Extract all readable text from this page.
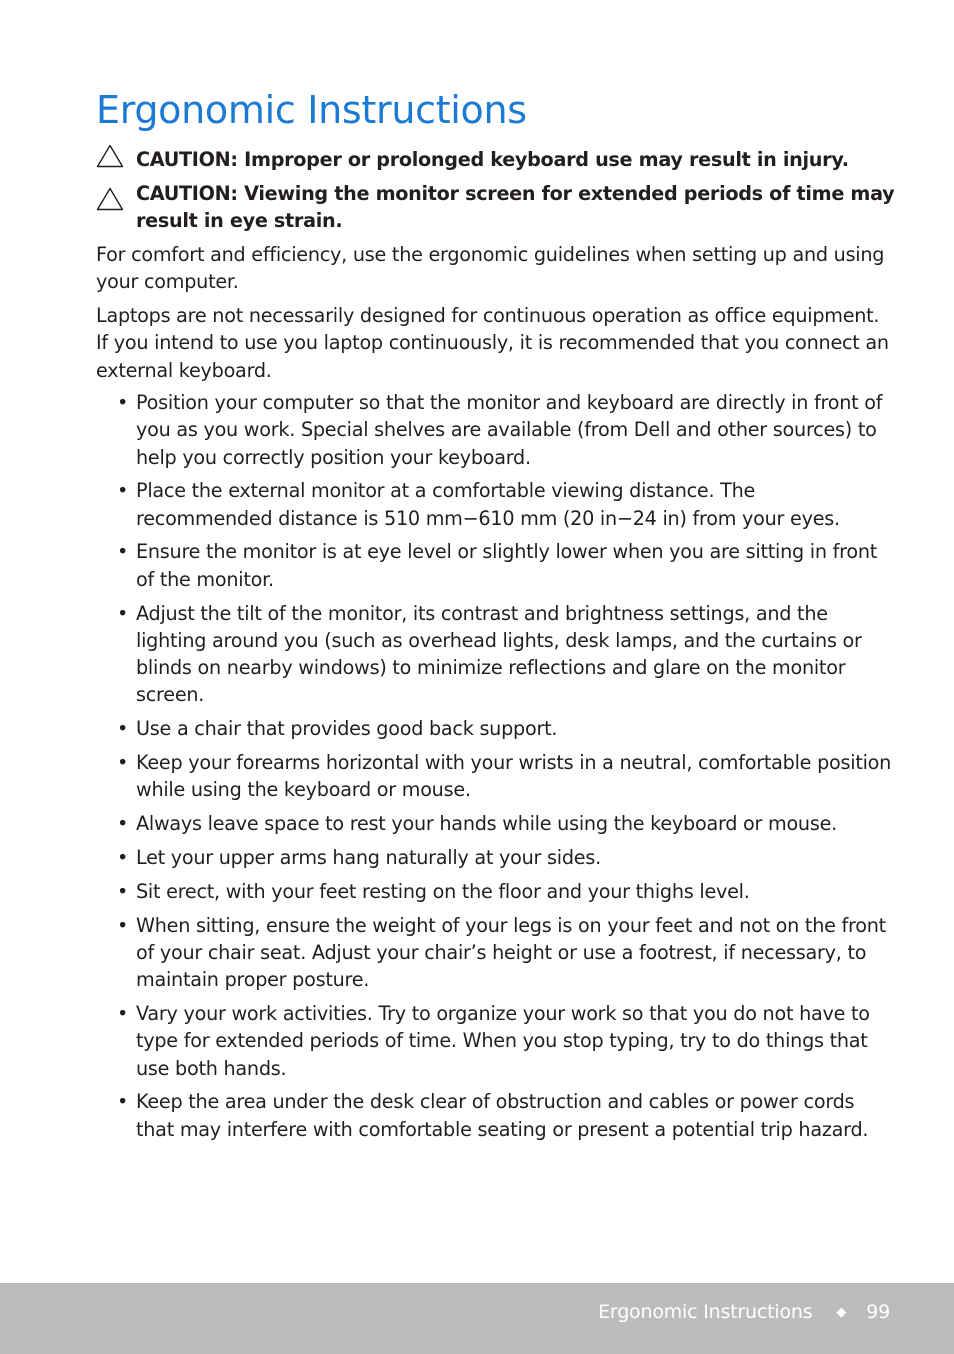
Ergonomic Instructions
CAUTION: Improper or prolonged keyboard use may result in injury.
CAUTION: Viewing the monitor screen for extended periods of time may result in eye strain.

For comfort and efficiency, use the ergonomic guidelines when setting up and using your computer.

Laptops are not necessarily designed for continuous operation as office equipment. If you intend to use you laptop continuously, it is recommended that you connect an external keyboard.

• Position your computer so that the monitor and keyboard are directly in front of you as you work. Special shelves are available (from Dell and other sources) to help you correctly position your keyboard.
• Place the external monitor at a comfortable viewing distance. The recommended distance is 510 mm−610 mm (20 in−24 in) from your eyes.
• Ensure the monitor is at eye level or slightly lower when you are sitting in front of the monitor.
• Adjust the tilt of the monitor, its contrast and brightness settings, and the lighting around you (such as overhead lights, desk lamps, and the curtains or blinds on nearby windows) to minimize reflections and glare on the monitor screen.
• Use a chair that provides good back support.
• Keep your forearms horizontal with your wrists in a neutral, comfortable position while using the keyboard or mouse.
• Always leave space to rest your hands while using the keyboard or mouse.
• Let your upper arms hang naturally at your sides.
• Sit erect, with your feet resting on the floor and your thighs level.
• When sitting, ensure the weight of your legs is on your feet and not on the front of your chair seat. Adjust your chair’s height or use a footrest, if necessary, to maintain proper posture.
• Vary your work activities. Try to organize your work so that you do not have to type for extended periods of time. When you stop typing, try to do things that use both hands.
• Keep the area under the desk clear of obstruction and cables or power cords that may interfere with comfortable seating or present a potential trip hazard.
Ergonomic Instructions ◆ 99
